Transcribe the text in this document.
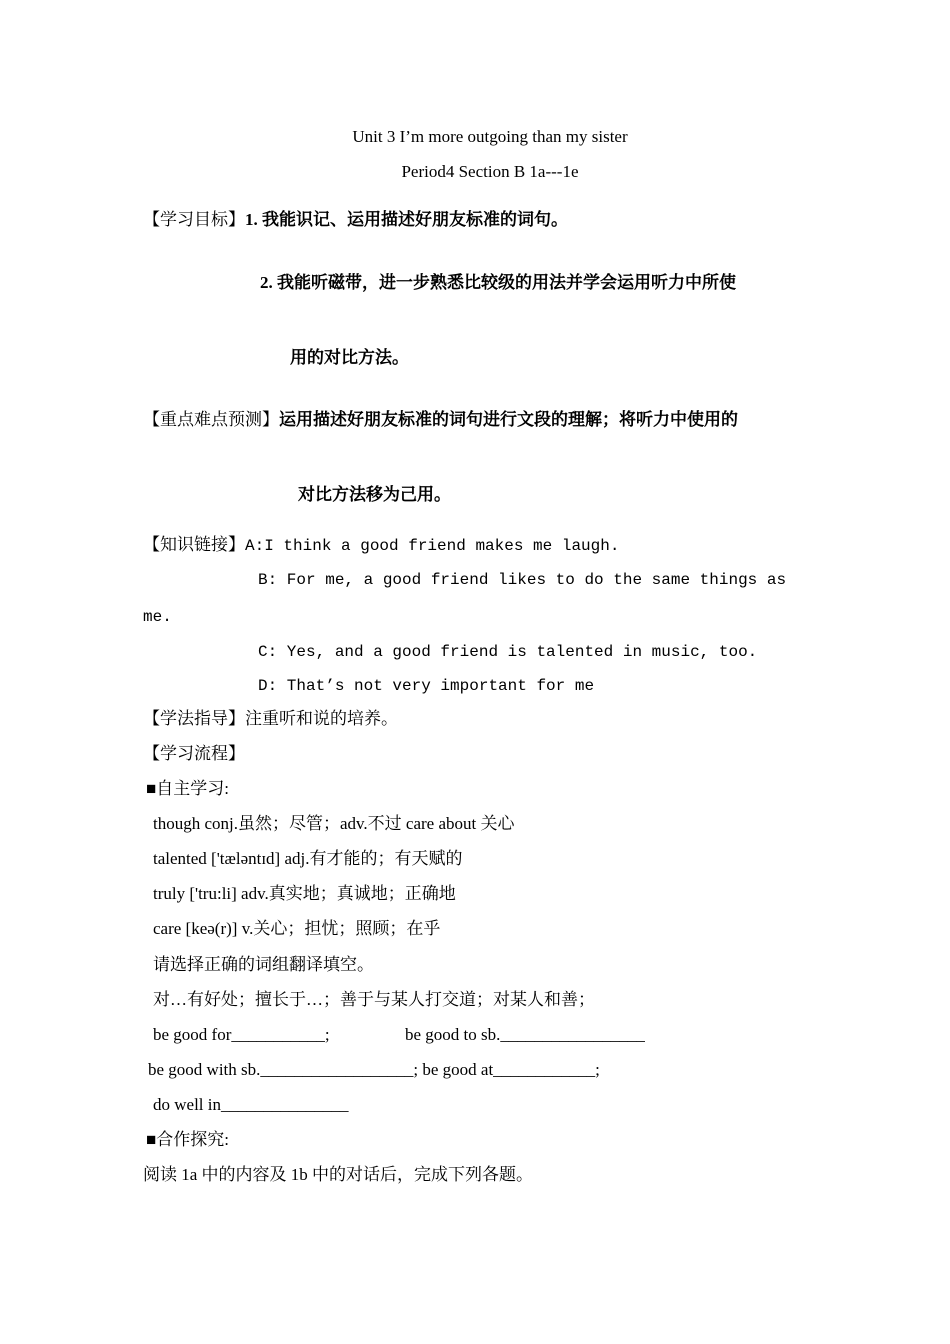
Unit 3 I’m more outgoing than my sister
Period4 Section B 1a---1e
【学习目标】1. 我能识记、运用描述好朋友标准的词句。
2. 我能听磁带，进一步熟悉比较级的用法并学会运用听力中所使
用的对比方法。
【重点难点预测】运用描述好朋友标准的词句进行文段的理解；将听力中使用的
对比方法移为己用。
【知识链接】A:I think a good friend makes me laugh.
B: For me, a good friend likes to do the same things as
me.
C: Yes, and a good friend is talented in music, too.
D: That’s not very important for me
【学法指导】注重听和说的培养。
【学习流程】
■自主学习:
though conj.虽然；尽管；adv.不过 care about 关心
talented ['tæləntɪd] adj.有才能的；有天赋的
truly ['tru:li] adv.真实地；真诚地；正确地
care [keə(r)] v.关心；担忧；照顾；在乎
请选择正确的词组翻译填空。
对…有好处；擅长于…；善于与某人打交道；对某人和善；
be good for___________;	be good to sb._________________
be good with sb.__________________; be good at____________;
do well in_______________
■合作探究:
阅读 1a 中的内容及 1b 中的对话后，完成下列各题。
